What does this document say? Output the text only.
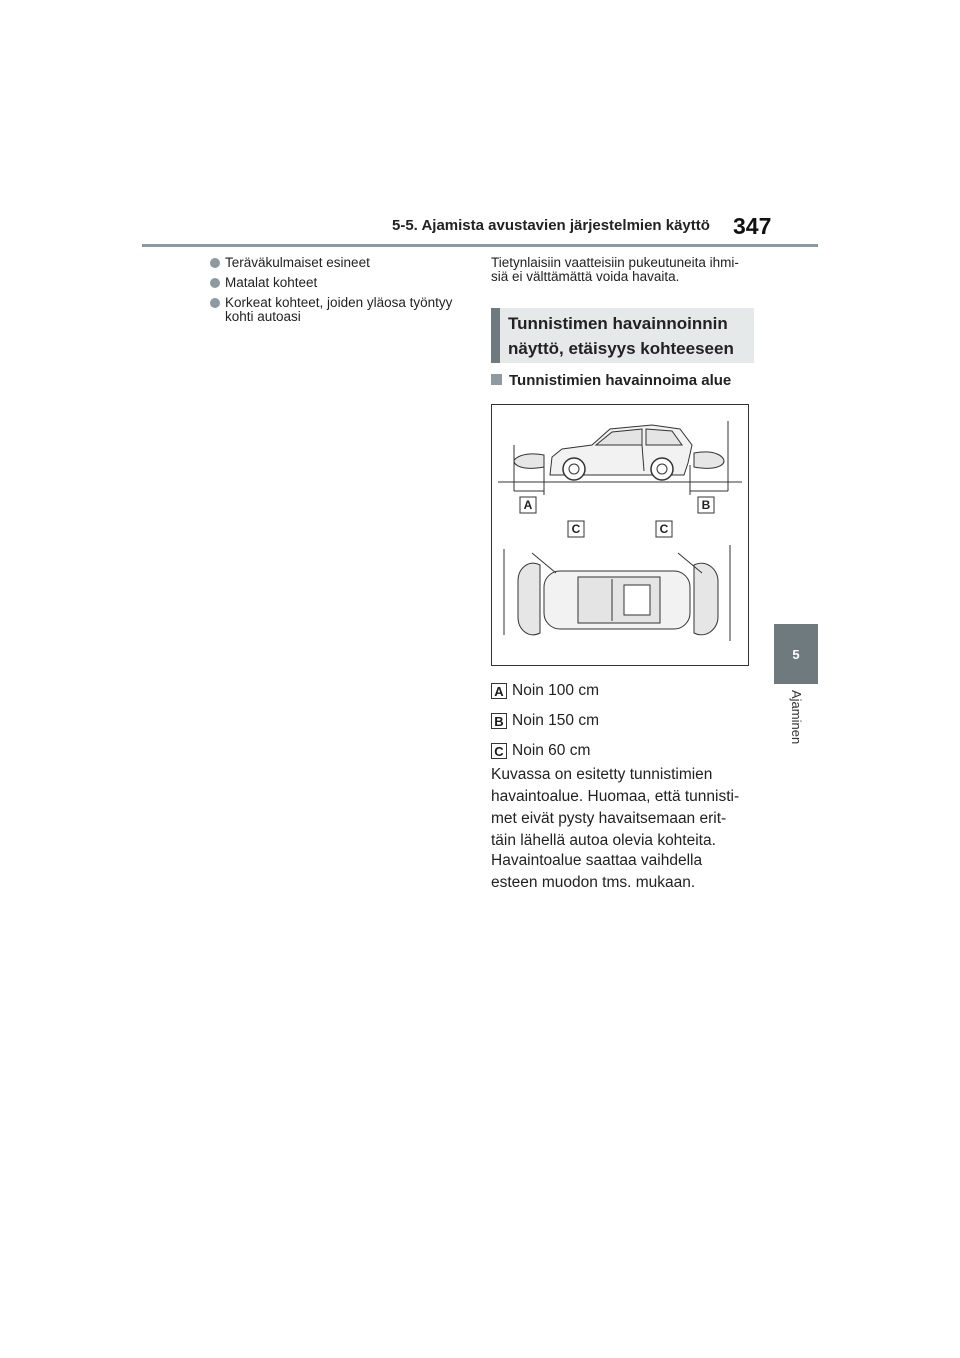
5-5. Ajamista avustavien järjestelmien käyttö 347
5
Ajaminen
Teräväkulmaiset esineet
Matalat kohteet
Korkeat kohteet, joiden yläosa työntyy
kohti autoasi

Tietynlaisiin vaatteisiin pukeutuneita ihmi-
siä ei välttämättä voida havaita.

Tunnistimen havainnoinnin
näyttö, etäisyys kohteeseen
Tunnistimien havainnoima alue
A	B
C	C
A Noin 100 cm
B Noin 150 cm
C Noin 60 cm

Kuvassa on esitetty tunnistimien
havaintoalue. Huomaa, että tunnisti-
met eivät pysty havaitsemaan erit-
täin lähellä autoa olevia kohteita.

Havaintoalue saattaa vaihdella
esteen muodon tms. mukaan.
